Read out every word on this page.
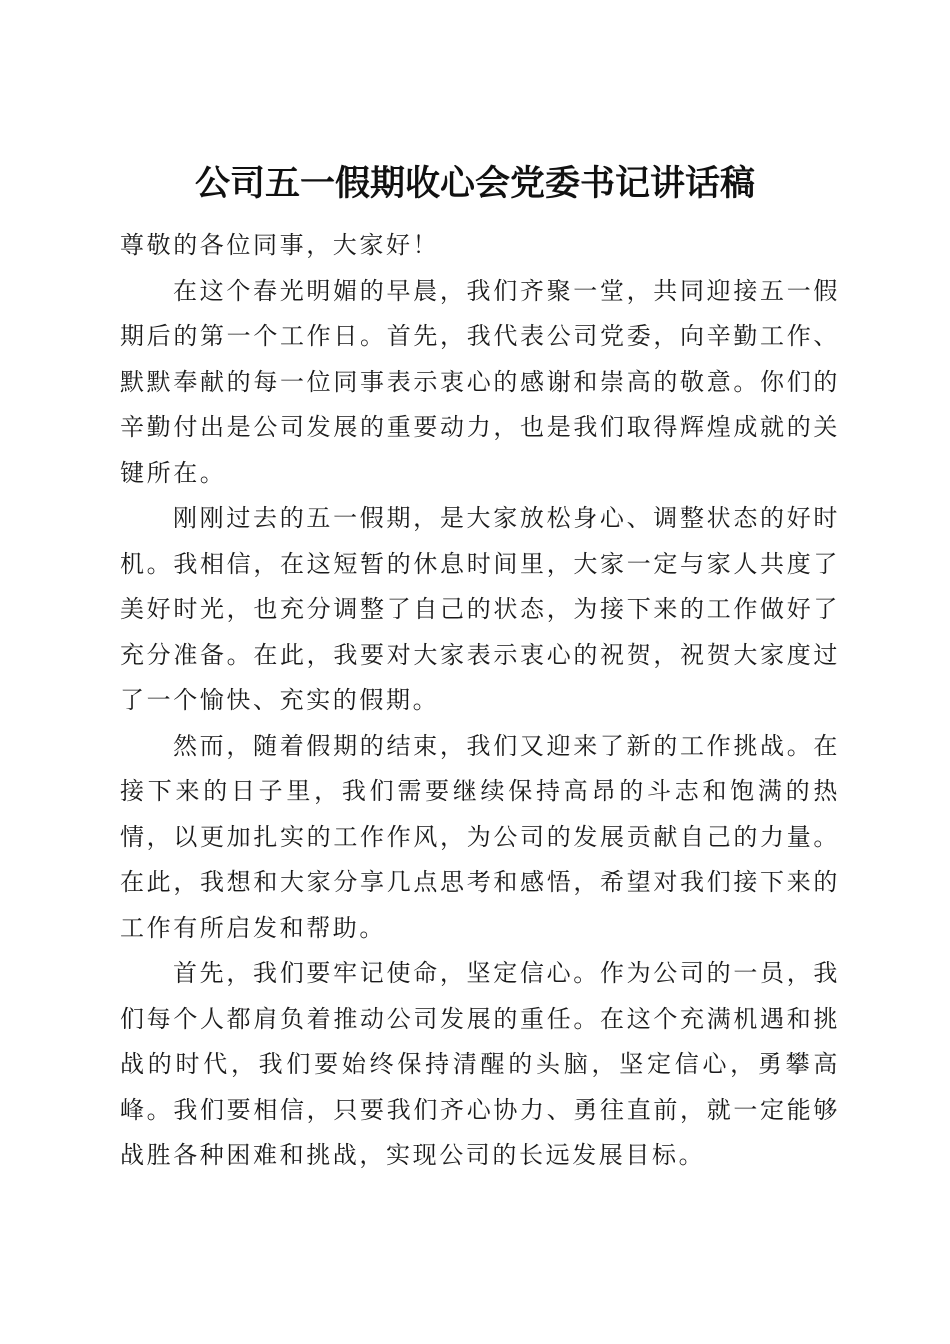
公司五一假期收心会党委书记讲话稿

尊敬的各位同事，大家好！

在这个春光明媚的早晨，我们齐聚一堂，共同迎接五一假期后的第一个工作日。首先，我代表公司党委，向辛勤工作、默默奉献的每一位同事表示衷心的感谢和崇高的敬意。你们的辛勤付出是公司发展的重要动力，也是我们取得辉煌成就的关键所在。

刚刚过去的五一假期，是大家放松身心、调整状态的好时机。我相信，在这短暂的休息时间里，大家一定与家人共度了美好时光，也充分调整了自己的状态，为接下来的工作做好了充分准备。在此，我要对大家表示衷心的祝贺，祝贺大家度过了一个愉快、充实的假期。

然而，随着假期的结束，我们又迎来了新的工作挑战。在接下来的日子里，我们需要继续保持高昂的斗志和饱满的热情，以更加扎实的工作作风，为公司的发展贡献自己的力量。在此，我想和大家分享几点思考和感悟，希望对我们接下来的工作有所启发和帮助。

首先，我们要牢记使命，坚定信心。作为公司的一员，我们每个人都肩负着推动公司发展的重任。在这个充满机遇和挑战的时代，我们要始终保持清醒的头脑，坚定信心，勇攀高峰。我们要相信，只要我们齐心协力、勇往直前，就一定能够战胜各种困难和挑战，实现公司的长远发展目标。
